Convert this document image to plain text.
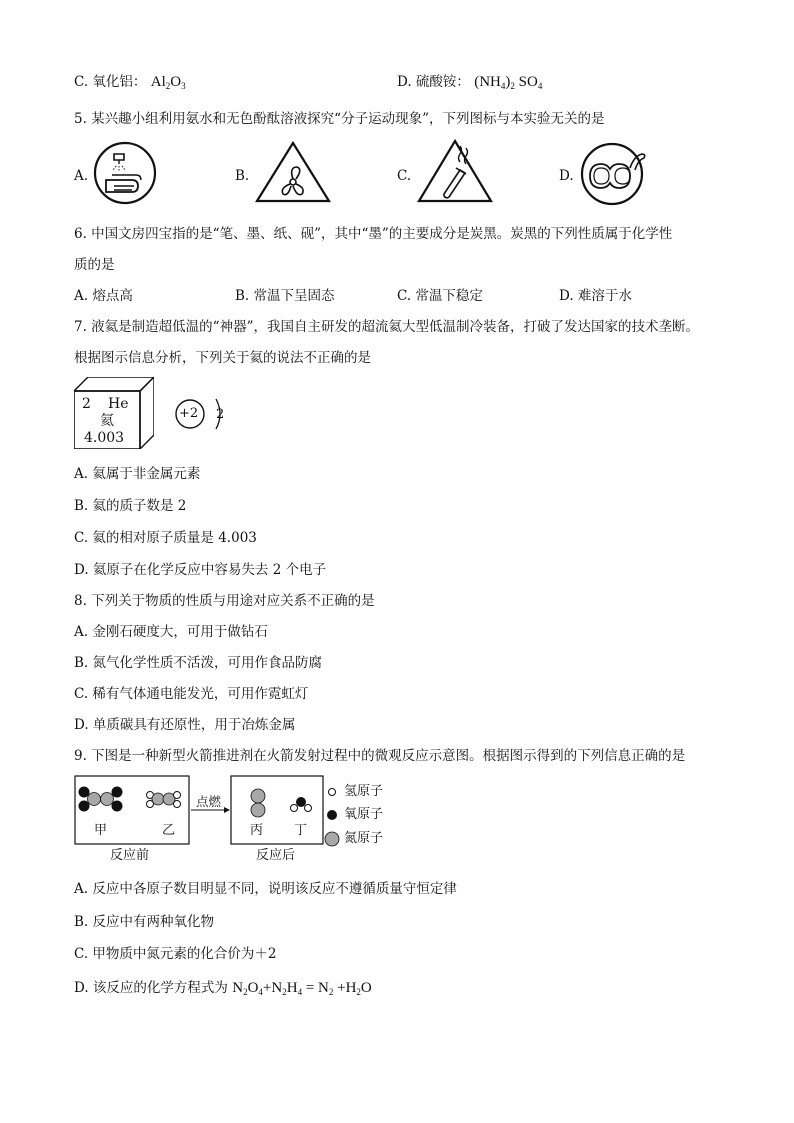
C. 氧化铝： $Al_2O_3$	D. 硫酸铵： $(NH_4)_2$ $SO_4$
5. 某兴趣小组利用氨水和无色酚酞溶液探究“分子运动现象”，下列图标与本实验无关的是
A.	B.	C.	D.
6. 中国文房四宝指的是“笔、墨、纸、砚”，其中“墨”的主要成分是炭黑。炭黑的下列性质属于化学性
质的是
A. 熔点高	B. 常温下呈固态	C. 常温下稳定	D. 难溶于水
7. 液氦是制造超低温的“神器”，我国自主研发的超流氦大型低温制冷装备，打破了发达国家的技术垄断。
根据图示信息分析，下列关于氦的说法不正确的是
2 He
氦
4.003
+2 2
A. 氦属于非金属元素
B. 氦的质子数是 2
C. 氦的相对原子质量是 4.003
D. 氦原子在化学反应中容易失去 2 个电子
8. 下列关于物质的性质与用途对应关系不正确的是
A. 金刚石硬度大，可用于做钻石
B. 氮气化学性质不活泼，可用作食品防腐
C. 稀有气体通电能发光，可用作霓虹灯
D. 单质碳具有还原性，用于冶炼金属
9. 下图是一种新型火箭推进剂在火箭发射过程中的微观反应示意图。根据图示得到的下列信息正确的是
甲	乙
点燃
丙 丁
反应前	反应后
氢原子
氧原子
氮原子
A. 反应中各原子数目明显不同，说明该反应不遵循质量守恒定律
B. 反应中有两种氧化物
C. 甲物质中氮元素的化合价为＋2
D. 该反应的化学方程式为 $N_2O_4+N_2H_4 = N_2 +H_2O$
